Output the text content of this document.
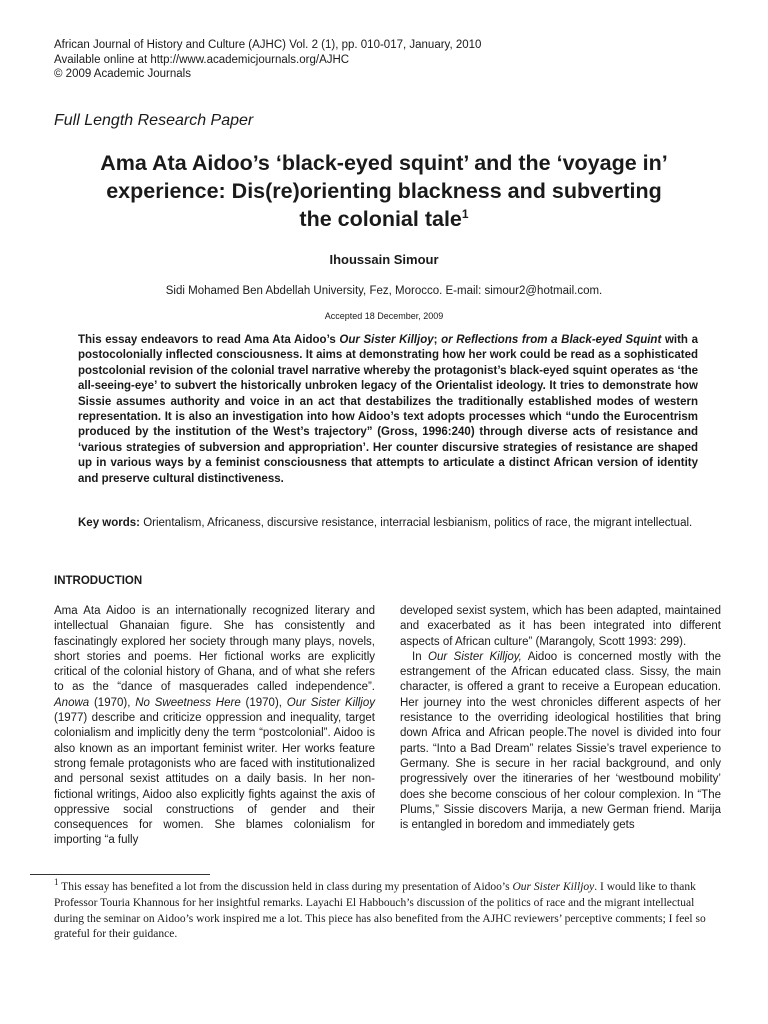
African Journal of History and Culture (AJHC) Vol. 2 (1), pp. 010-017, January, 2010
Available online at http://www.academicjournals.org/AJHC
© 2009 Academic Journals
Full Length Research Paper
Ama Ata Aidoo’s ‘black-eyed squint’ and the ‘voyage in’
experience: Dis(re)orienting blackness and subverting
the colonial tale$^1$
Ihoussain Simour
Sidi Mohamed Ben Abdellah University, Fez, Morocco. E-mail: simour2@hotmail.com.
Accepted 18 December, 2009
This essay endeavors to read Ama Ata Aidoo’s Our Sister Killjoy; or Reflections from a Black-eyed Squint with a postocolonially inflected consciousness. It aims at demonstrating how her work could be read as a sophisticated postcolonial revision of the colonial travel narrative whereby the protagonist’s black-eyed squint operates as ‘the all-seeing-eye’ to subvert the historically unbroken legacy of the Orientalist ideology. It tries to demonstrate how Sissie assumes authority and voice in an act that destabilizes the traditionally established modes of western representation. It is also an investigation into how Aidoo’s text adopts processes which “undo the Eurocentrism produced by the institution of the West’s trajectory” (Gross, 1996:240) through diverse acts of resistance and ‘various strategies of subversion and appropriation’. Her counter discursive strategies of resistance are shaped up in various ways by a feminist consciousness that attempts to articulate a distinct African version of identity and preserve cultural distinctiveness.
Key words: Orientalism, Africaness, discursive resistance, interracial lesbianism, politics of race, the migrant intellectual.
INTRODUCTION

Ama Ata Aidoo is an internationally recognized literary and intellectual Ghanaian figure. She has consistently and fascinatingly explored her society through many plays, novels, short stories and poems. Her fictional works are explicitly critical of the colonial history of Ghana, and of what she refers to as the “dance of masquerades called independence”. Anowa (1970), No Sweetness Here (1970), Our Sister Killjoy (1977) describe and criticize oppression and inequality, target colonialism and implicitly deny the term “postcolonial”. Aidoo is also known as an important feminist writer. Her works feature strong female protagonists who are faced with institutionalized and personal sexist attitudes on a daily basis. In her non-fictional writings, Aidoo also explicitly fights against the axis of oppressive social constructions of gender and their consequences for women. She blames colonialism for importing “a fully

developed sexist system, which has been adapted, maintained and exacerbated as it has been integrated into different aspects of African culture” (Marangoly, Scott 1993: 299).

In Our Sister Killjoy, Aidoo is concerned mostly with the estrangement of the African educated class. Sissy, the main character, is offered a grant to receive a European education. Her journey into the west chronicles different aspects of her resistance to the overriding ideological hostilities that bring down Africa and African people.The novel is divided into four parts. “Into a Bad Dream” relates Sissie’s travel experience to Germany. She is secure in her racial background, and only progressively over the itineraries of her ‘westbound mobility’ does she become conscious of her colour complexion. In “The Plums,” Sissie discovers Marija, a new German friend. Marija is entangled in boredom and immediately gets

$^1$ This essay has benefited a lot from the discussion held in class during my presentation of Aidoo’s Our Sister Killjoy. I would like to thank Professor Touria Khannous for her insightful remarks. Layachi El Habbouch’s discussion of the politics of race and the migrant intellectual during the seminar on Aidoo’s work inspired me a lot. This piece has also benefited from the AJHC reviewers’ perceptive comments; I feel so grateful for their guidance.
